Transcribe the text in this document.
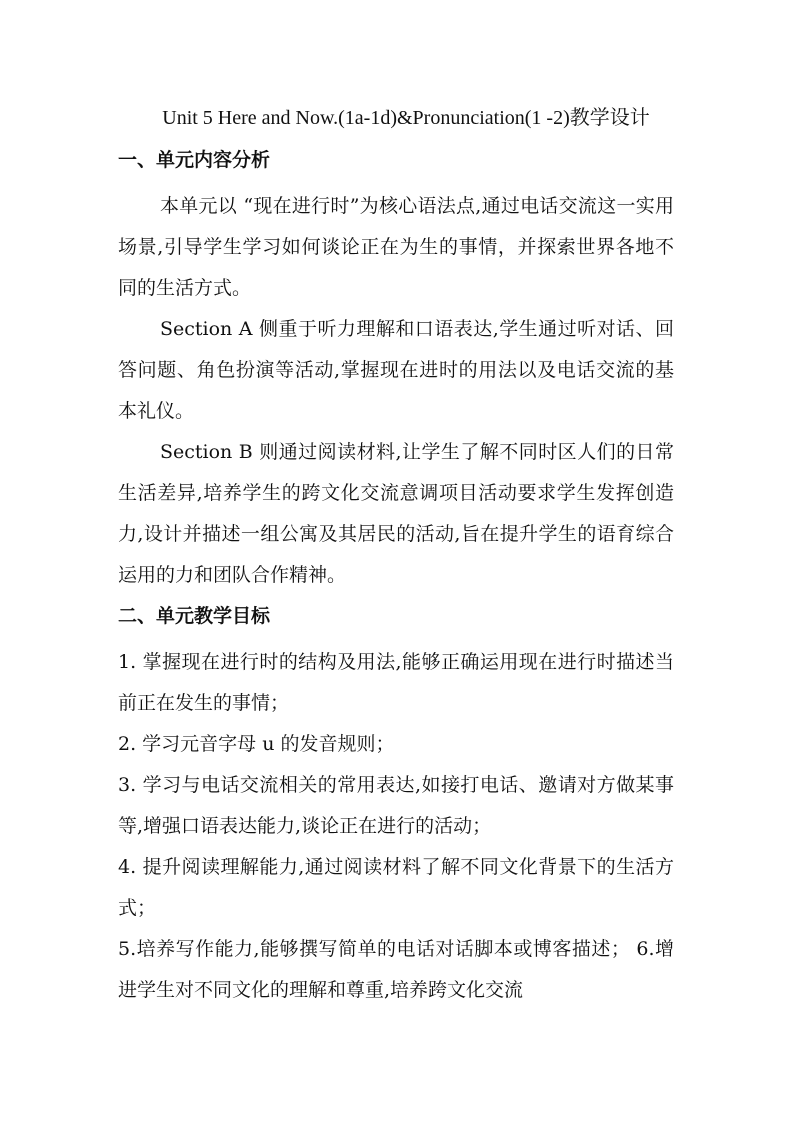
Unit 5 Here and Now.(1a-1d)&Pronunciation(1 -2)教学设计
一、单元内容分析

本单元以 “现在进行时”为核心语法点,通过电话交流这一实用场景,引导学生学习如何谈论正在为生的事情，并探索世界各地不同的生活方式。

Section A 侧重于听力理解和口语表达,学生通过听对话、回答问题、角色扮演等活动,掌握现在进时的用法以及电话交流的基本礼仪。

Section B 则通过阅读材料,让学生了解不同时区人们的日常生活差异,培养学生的跨文化交流意调项目活动要求学生发挥创造力,设计并描述一组公寓及其居民的活动,旨在提升学生的语育综合运用的力和团队合作精神。

二、单元教学目标

1. 掌握现在进行时的结构及用法,能够正确运用现在进行时描述当前正在发生的事情；

2. 学习元音字母 u 的发音规则；

3. 学习与电话交流相关的常用表达,如接打电话、邀请对方做某事等,增强口语表达能力,谈论正在进行的活动；

4. 提升阅读理解能力,通过阅读材料了解不同文化背景下的生活方式；

5.培养写作能力,能够撰写简单的电话对话脚本或博客描述； 6.增进学生对不同文化的理解和尊重,培养跨文化交流
